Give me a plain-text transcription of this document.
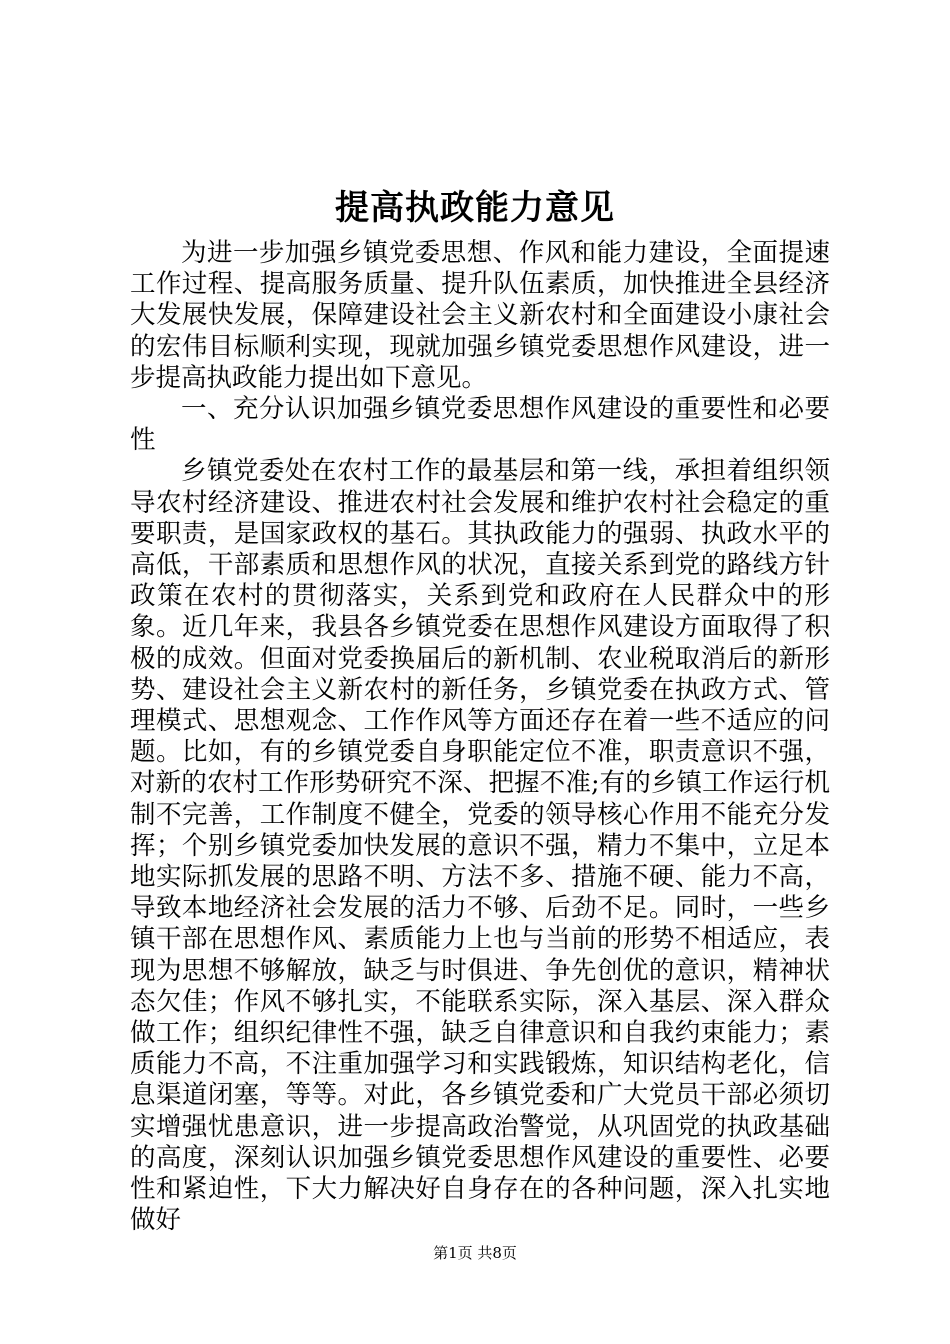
提高执政能力意见

为进一步加强乡镇党委思想、作风和能力建设，全面提速工作过程、提高服务质量、提升队伍素质，加快推进全县经济大发展快发展，保障建设社会主义新农村和全面建设小康社会的宏伟目标顺利实现，现就加强乡镇党委思想作风建设，进一步提高执政能力提出如下意见。

一、充分认识加强乡镇党委思想作风建设的重要性和必要性

乡镇党委处在农村工作的最基层和第一线，承担着组织领导农村经济建设、推进农村社会发展和维护农村社会稳定的重要职责，是国家政权的基石。其执政能力的强弱、执政水平的高低，干部素质和思想作风的状况，直接关系到党的路线方针政策在农村的贯彻落实，关系到党和政府在人民群众中的形象。近几年来，我县各乡镇党委在思想作风建设方面取得了积极的成效。但面对党委换届后的新机制、农业税取消后的新形势、建设社会主义新农村的新任务，乡镇党委在执政方式、管理模式、思想观念、工作作风等方面还存在着一些不适应的问题。比如，有的乡镇党委自身职能定位不准，职责意识不强，对新的农村工作形势研究不深、把握不准;有的乡镇工作运行机制不完善，工作制度不健全，党委的领导核心作用不能充分发挥；个别乡镇党委加快发展的意识不强，精力不集中，立足本地实际抓发展的思路不明、方法不多、措施不硬、能力不高，导致本地经济社会发展的活力不够、后劲不足。同时，一些乡镇干部在思想作风、素质能力上也与当前的形势不相适应，表现为思想不够解放，缺乏与时俱进、争先创优的意识，精神状态欠佳；作风不够扎实，不能联系实际，深入基层、深入群众做工作；组织纪律性不强，缺乏自律意识和自我约束能力；素质能力不高，不注重加强学习和实践锻炼，知识结构老化，信息渠道闭塞，等等。对此，各乡镇党委和广大党员干部必须切实增强忧患意识，进一步提高政治警觉，从巩固党的执政基础的高度，深刻认识加强乡镇党委思想作风建设的重要性、必要性和紧迫性，下大力解决好自身存在的各种问题，深入扎实地做好

第1页 共8页
